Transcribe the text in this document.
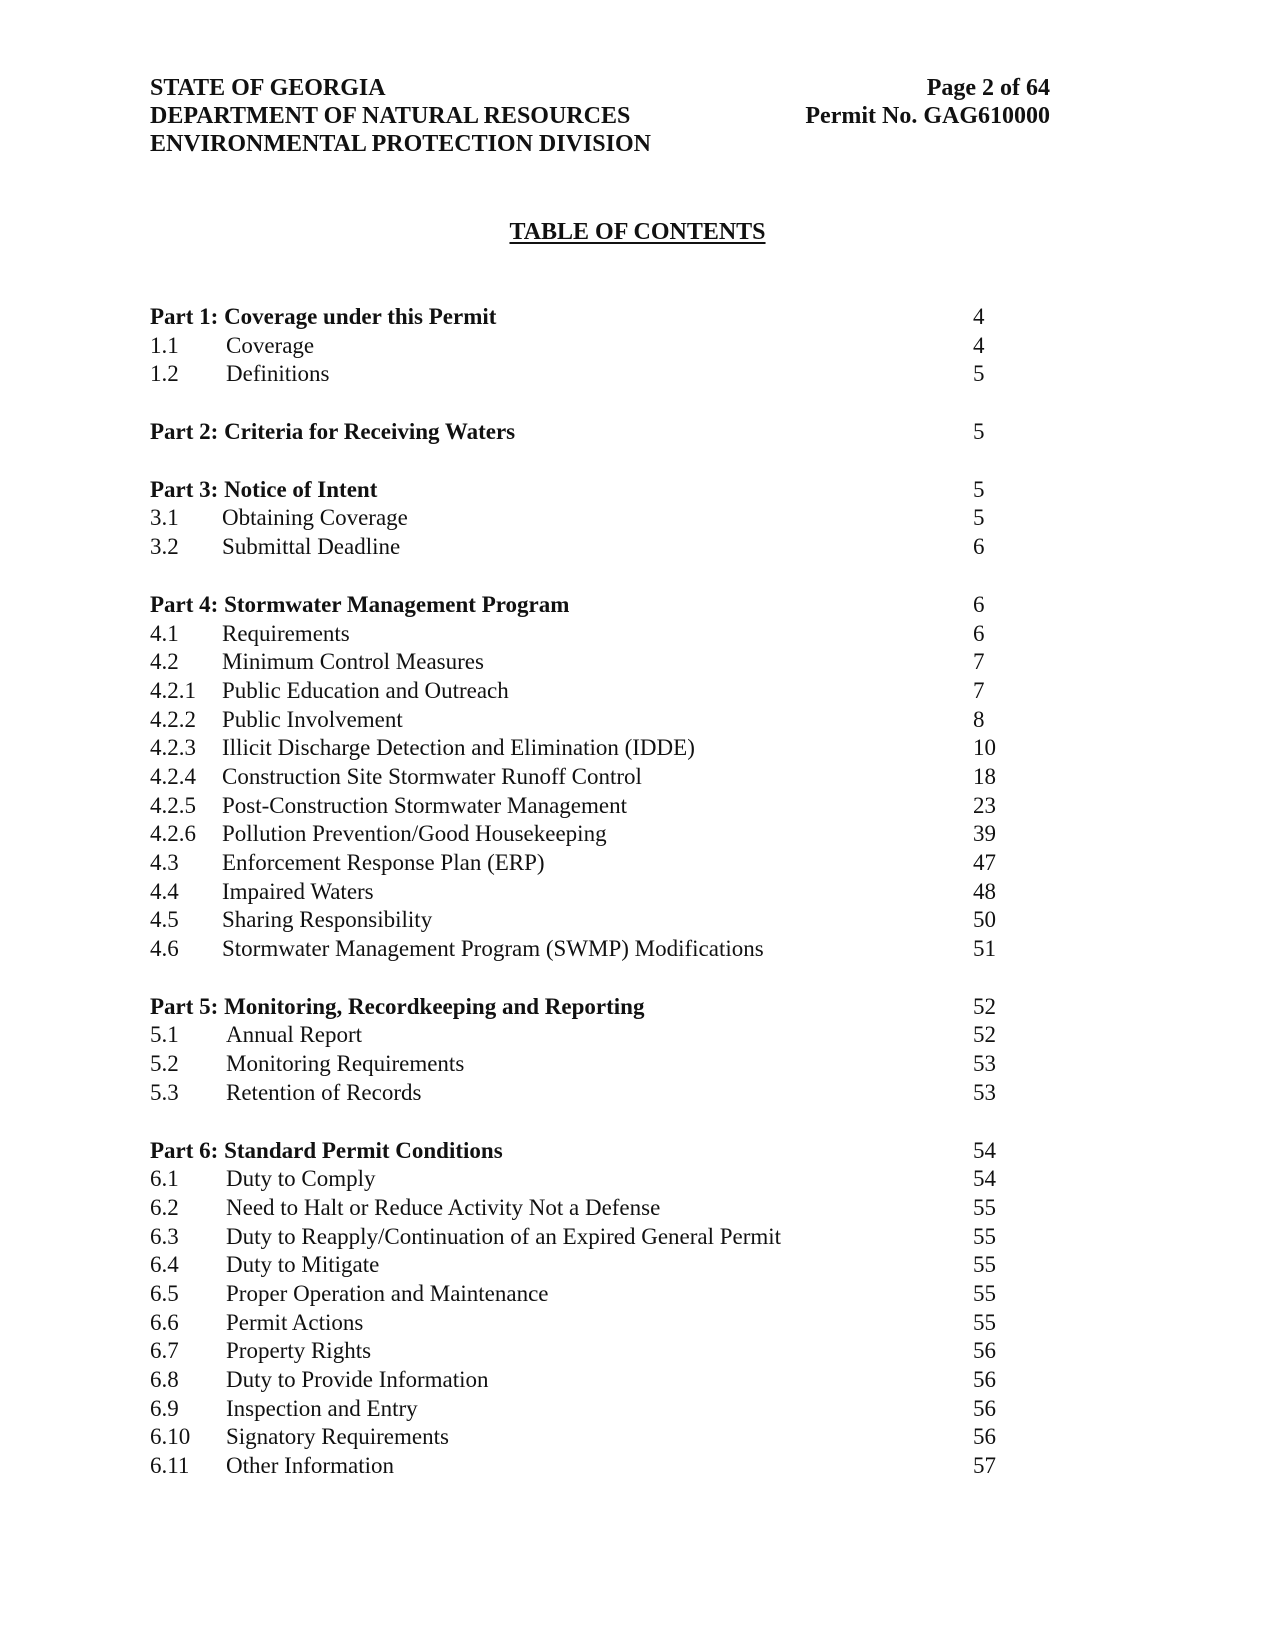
STATE OF GEORGIA
DEPARTMENT OF NATURAL RESOURCES
ENVIRONMENTAL PROTECTION DIVISION
Page 2 of 64
Permit No. GAG610000
TABLE OF CONTENTS
Part 1: Coverage under this Permit	4
1.1 Coverage	4
1.2 Definitions	5
Part 2: Criteria for Receiving Waters	5
Part 3: Notice of Intent	5
3.1 Obtaining Coverage	5
3.2 Submittal Deadline	6
Part 4: Stormwater Management Program	6
4.1 Requirements	6
4.2 Minimum Control Measures	7
4.2.1 Public Education and Outreach	7
4.2.2 Public Involvement	8
4.2.3 Illicit Discharge Detection and Elimination (IDDE)	10
4.2.4 Construction Site Stormwater Runoff Control	18
4.2.5 Post-Construction Stormwater Management	23
4.2.6 Pollution Prevention/Good Housekeeping	39
4.3 Enforcement Response Plan (ERP)	47
4.4 Impaired Waters	48
4.5 Sharing Responsibility	50
4.6 Stormwater Management Program (SWMP) Modifications	51
Part 5: Monitoring, Recordkeeping and Reporting	52
5.1 Annual Report	52
5.2 Monitoring Requirements	53
5.3 Retention of Records	53
Part 6: Standard Permit Conditions	54
6.1 Duty to Comply	54
6.2 Need to Halt or Reduce Activity Not a Defense	55
6.3 Duty to Reapply/Continuation of an Expired General Permit	55
6.4 Duty to Mitigate	55
6.5 Proper Operation and Maintenance	55
6.6 Permit Actions	55
6.7 Property Rights	56
6.8 Duty to Provide Information	56
6.9 Inspection and Entry	56
6.10 Signatory Requirements	56
6.11 Other Information	57
